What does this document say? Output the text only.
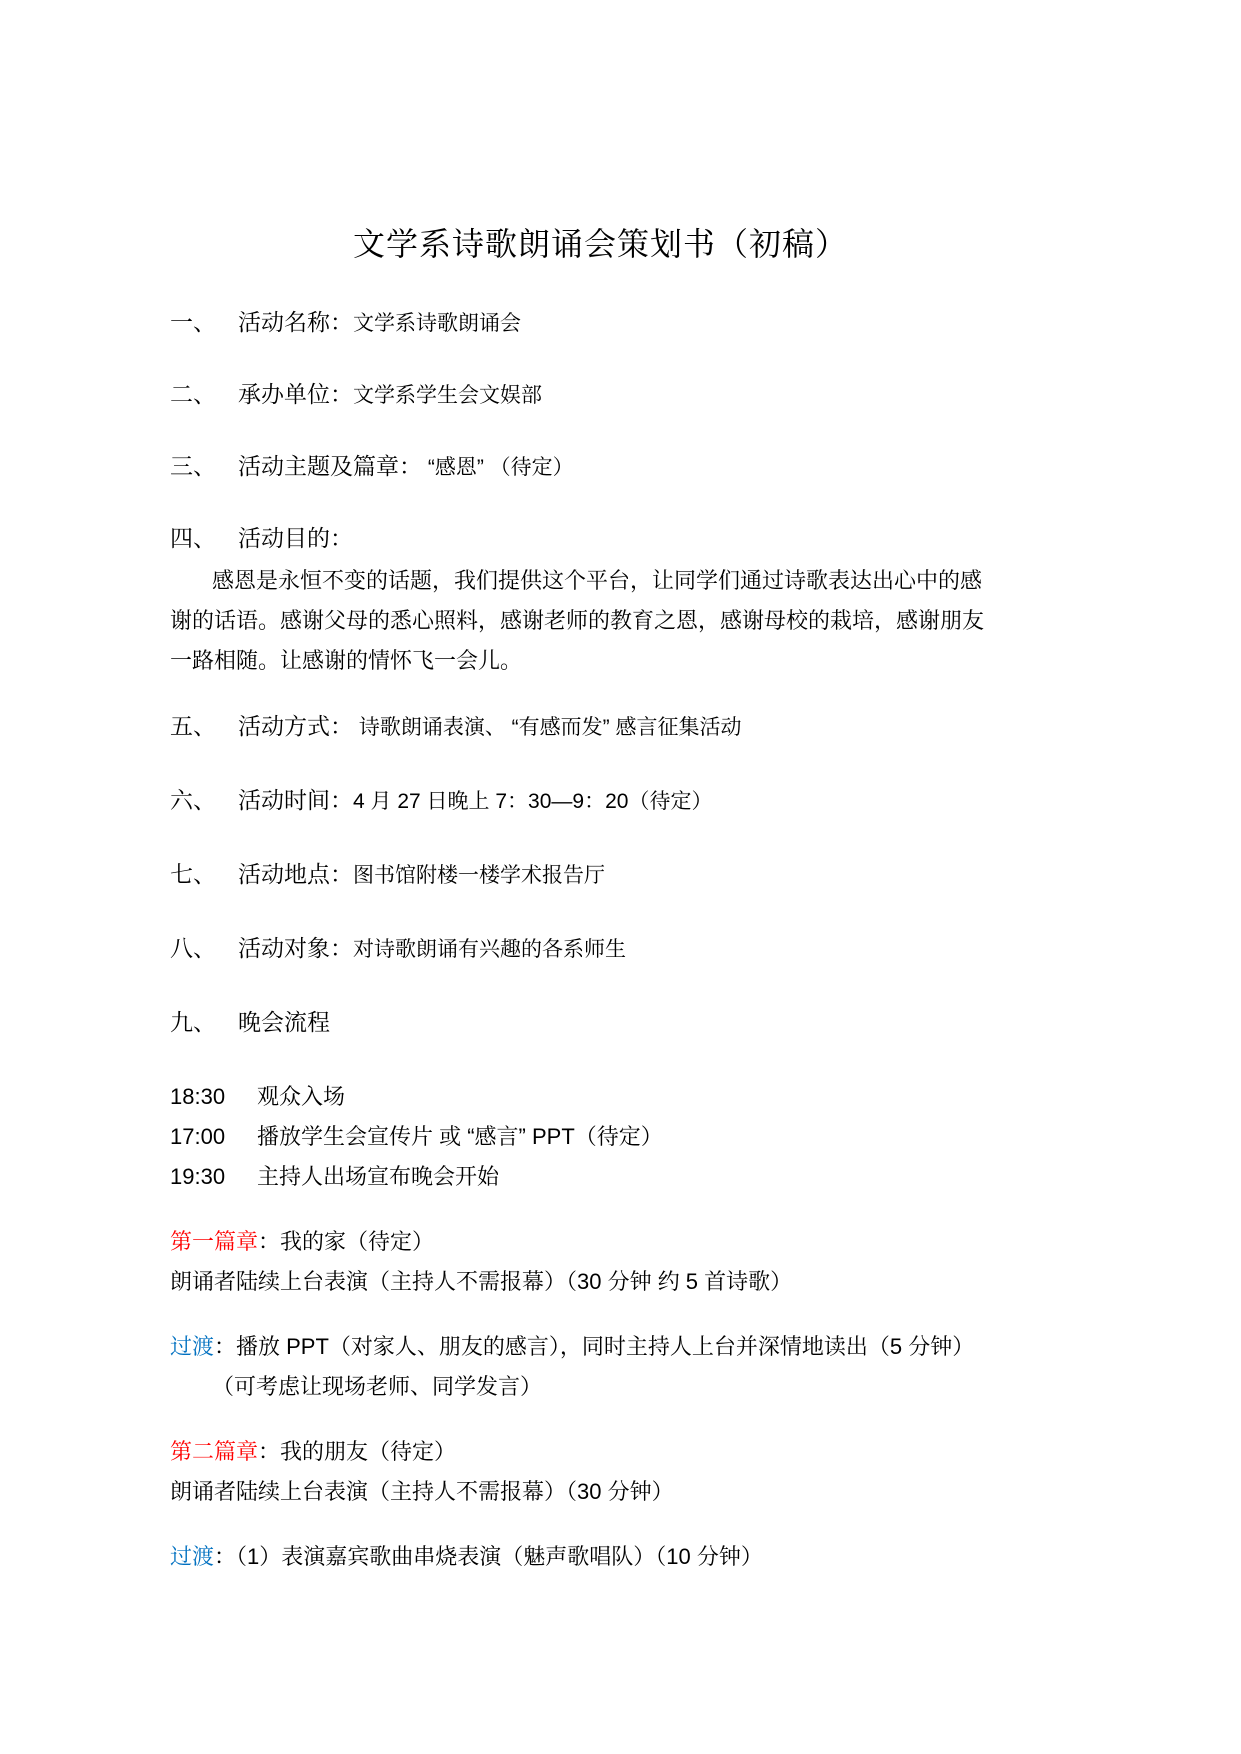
文学系诗歌朗诵会策划书（初稿）
一、 活动名称：文学系诗歌朗诵会
二、 承办单位：文学系学生会文娱部
三、 活动主题及篇章： “感恩” （待定）
四、 活动目的：
感恩是永恒不变的话题，我们提供这个平台，让同学们通过诗歌表达出心中的感
谢的话语。感谢父母的悉心照料，感谢老师的教育之恩，感谢母校的栽培，感谢朋友
一路相随。让感谢的情怀飞一会儿。
五、 活动方式： 诗歌朗诵表演、 “有感而发” 感言征集活动
六、 活动时间：4 月 27 日晚上 7：30—9：20（待定）
七、 活动地点：图书馆附楼一楼学术报告厅
八、 活动对象：对诗歌朗诵有兴趣的各系师生
九、 晚会流程
18:30 观众入场
17:00 播放学生会宣传片 或 “感言” PPT（待定）
19:30 主持人出场宣布晚会开始
第一篇章：我的家（待定）
朗诵者陆续上台表演（主持人不需报幕）（30 分钟 约 5 首诗歌）
过渡：播放 PPT（对家人、朋友的感言），同时主持人上台并深情地读出（5 分钟）
（可考虑让现场老师、同学发言）
第二篇章：我的朋友（待定）
朗诵者陆续上台表演（主持人不需报幕）（30 分钟）
过渡：（1）表演嘉宾歌曲串烧表演（魅声歌唱队）（10 分钟）
